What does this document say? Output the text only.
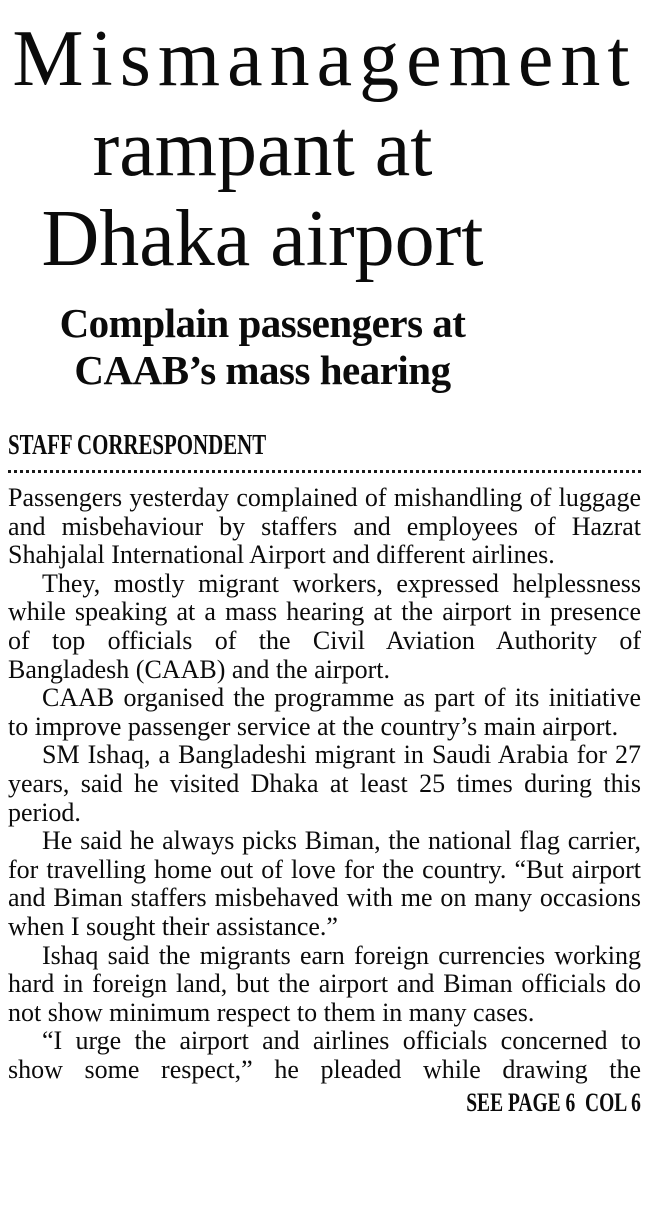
Mismanagement
rampant at
Dhaka airport
Complain passengers at
CAAB’s mass hearing
STAFF CORRESPONDENT

Passengers yesterday complained of mishandling of luggage and misbehaviour by staffers and employees of Hazrat Shahjalal International Airport and different airlines.

They, mostly migrant workers, expressed helplessness while speaking at a mass hearing at the airport in presence of top officials of the Civil Aviation Authority of Bangladesh (CAAB) and the airport.

CAAB organised the programme as part of its initiative to improve passenger service at the country’s main airport.

SM Ishaq, a Bangladeshi migrant in Saudi Arabia for 27 years, said he visited Dhaka at least 25 times during this period.

He said he always picks Biman, the national flag carrier, for travelling home out of love for the country. “But airport and Biman staffers misbehaved with me on many occasions when I sought their assistance.”

Ishaq said the migrants earn foreign currencies working hard in foreign land, but the airport and Biman officials do not show minimum respect to them in many cases.

“I urge the airport and airlines officials concerned to show some respect,” he pleaded while drawing the

SEE PAGE 6  COL 6
